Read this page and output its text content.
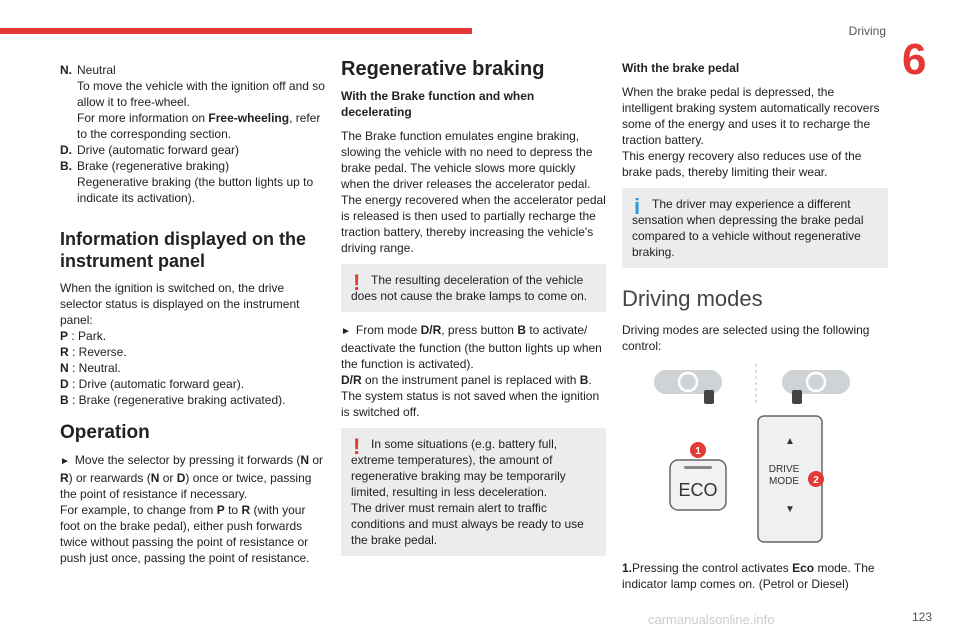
Driving
6
123
carmanualsonline.info
N. Neutral
To move the vehicle with the ignition off and so allow it to free-wheel.
For more information on Free-wheeling, refer to the corresponding section.
D. Drive (automatic forward gear)
B. Brake (regenerative braking)
Regenerative braking (the button lights up to indicate its activation).
Information displayed on the instrument panel

When the ignition is switched on, the drive selector status is displayed on the instrument panel:
P : Park.
R : Reverse.
N : Neutral.
D : Drive (automatic forward gear).
B : Brake (regenerative braking activated).

Operation

► Move the selector by pressing it forwards (N or R) or rearwards (N or D) once or twice, passing the point of resistance if necessary.
For example, to change from P to R (with your foot on the brake pedal), either push forwards twice without passing the point of resistance or push just once, passing the point of resistance.

Regenerative braking
With the Brake function and when decelerating

The Brake function emulates engine braking, slowing the vehicle with no need to depress the brake pedal. The vehicle slows more quickly when the driver releases the accelerator pedal. The energy recovered when the accelerator pedal is released is then used to partially recharge the traction battery, thereby increasing the vehicle's driving range.

! The resulting deceleration of the vehicle does not cause the brake lamps to come on.

► From mode D/R, press button B to activate/ deactivate the function (the button lights up when the function is activated).
D/R on the instrument panel is replaced with B.
The system status is not saved when the ignition is switched off.

! In some situations (e.g. battery full, extreme temperatures), the amount of regenerative braking may be temporarily limited, resulting in less deceleration.
The driver must remain alert to traffic conditions and must always be ready to use the brake pedal.
With the brake pedal

When the brake pedal is depressed, the intelligent braking system automatically recovers some of the energy and uses it to recharge the traction battery.

This energy recovery also reduces use of the brake pads, thereby limiting their wear.

i The driver may experience a different sensation when depressing the brake pedal compared to a vehicle without regenerative braking.
Driving modes

Driving modes are selected using the following control:

ECO
1
▲
DRIVE
MODE
▼
2

1.Pressing the control activates Eco mode. The indicator lamp comes on. (Petrol or Diesel)
